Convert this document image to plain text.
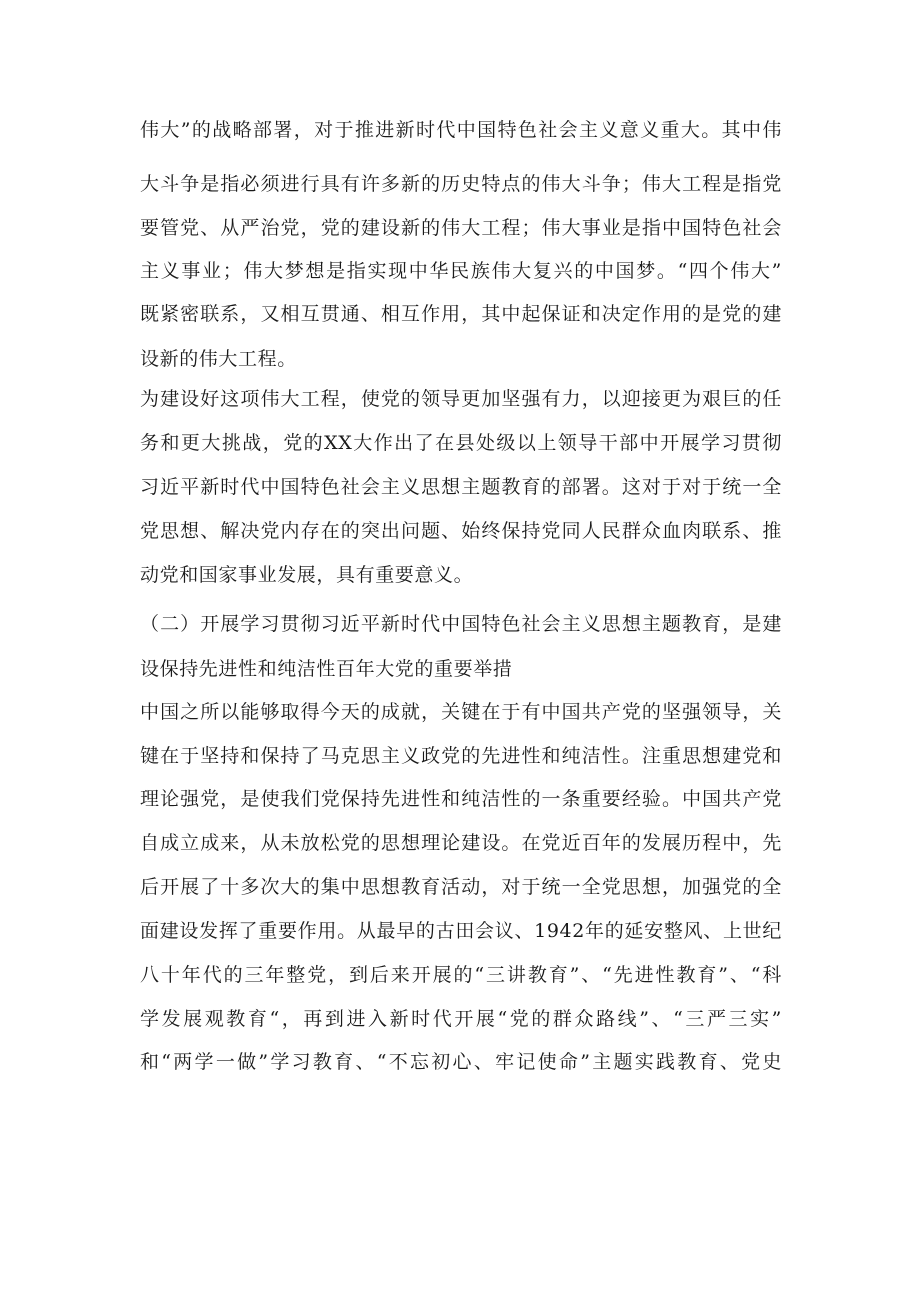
伟大”的战略部署，对于推进新时代中国特色社会主义意义重大。其中伟
大斗争是指必须进行具有许多新的历史特点的伟大斗争；伟大工程是指党
要管党、从严治党，党的建设新的伟大工程；伟大事业是指中国特色社会
主义事业；伟大梦想是指实现中华民族伟大复兴的中国梦。“四个伟大”
既紧密联系，又相互贯通、相互作用，其中起保证和决定作用的是党的建
设新的伟大工程。
为建设好这项伟大工程，使党的领导更加坚强有力，以迎接更为艰巨的任
务和更大挑战，党的XX大作出了在县处级以上领导干部中开展学习贯彻
习近平新时代中国特色社会主义思想主题教育的部署。这对于对于统一全
党思想、解决党内存在的突出问题、始终保持党同人民群众血肉联系、推
动党和国家事业发展，具有重要意义。
（二）开展学习贯彻习近平新时代中国特色社会主义思想主题教育，是建
设保持先进性和纯洁性百年大党的重要举措
中国之所以能够取得今天的成就，关键在于有中国共产党的坚强领导，关
键在于坚持和保持了马克思主义政党的先进性和纯洁性。注重思想建党和
理论强党，是使我们党保持先进性和纯洁性的一条重要经验。中国共产党
自成立成来，从未放松党的思想理论建设。在党近百年的发展历程中，先
后开展了十多次大的集中思想教育活动，对于统一全党思想，加强党的全
面建设发挥了重要作用。从最早的古田会议、1942年的延安整风、上世纪
八十年代的三年整党，到后来开展的“三讲教育”、“先进性教育”、“科
学发展观教育“，再到进入新时代开展“党的群众路线”、“三严三实”
和“两学一做”学习教育、“不忘初心、牢记使命”主题实践教育、党史
